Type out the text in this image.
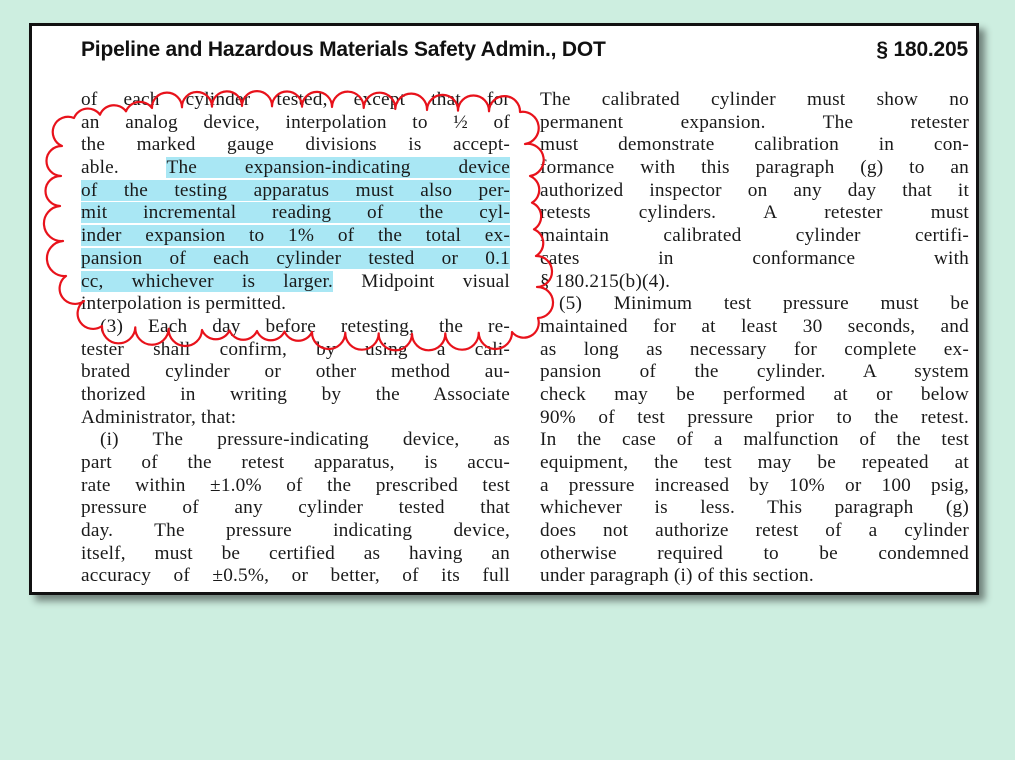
Pipeline and Hazardous Materials Safety Admin., DOT	§ 180.205
of each cylinder tested, except that for
an analog device, interpolation to ½ of
the marked gauge divisions is accept-
able. The expansion-indicating device
of the testing apparatus must also per-
mit incremental reading of the cyl-
inder expansion to 1% of the total ex-
pansion of each cylinder tested or 0.1
cc, whichever is larger. Midpoint visual
interpolation is permitted.
(3) Each day before retesting, the re-
tester shall confirm, by using a cali-
brated cylinder or other method au-
thorized in writing by the Associate
Administrator, that:
(i) The pressure-indicating device, as
part of the retest apparatus, is accu-
rate within ±1.0% of the prescribed test
pressure of any cylinder tested that
day. The pressure indicating device,
itself, must be certified as having an
accuracy of ±0.5%, or better, of its full
The calibrated cylinder must show no
permanent expansion. The retester
must demonstrate calibration in con-
formance with this paragraph (g) to an
authorized inspector on any day that it
retests cylinders. A retester must
maintain calibrated cylinder certifi-
cates in conformance with
§ 180.215(b)(4).
(5) Minimum test pressure must be
maintained for at least 30 seconds, and
as long as necessary for complete ex-
pansion of the cylinder. A system
check may be performed at or below
90% of test pressure prior to the retest.
In the case of a malfunction of the test
equipment, the test may be repeated at
a pressure increased by 10% or 100 psig,
whichever is less. This paragraph (g)
does not authorize retest of a cylinder
otherwise required to be condemned
under paragraph (i) of this section.
